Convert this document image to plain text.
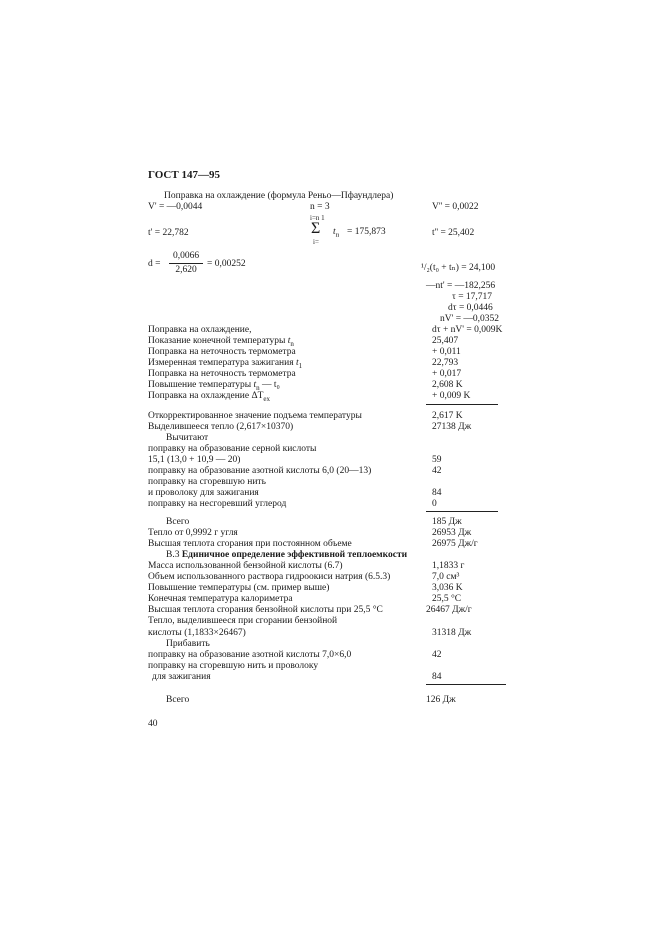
ГОСТ 147—95
Поправка на охлаждение (формула Реньо—Пфаундлера)
V' = —0,0044	n = 3	V'' = 0,0022
t' = 22,782
i=n 1
Σ
i=
$t_n = 175,873$	t'' = 25,402
d =
0,0066
2,620
= 0,00252	¹/₂(t₀ + tₙ) = 24,100
—nt' = —182,256
τ = 17,717
dτ = 0,0446
nV' = —0,0352
Поправка на охлаждение,	dτ + nV' = 0,009K
Показание конечной температуры $t_n$	25,407
Поправка на неточность термометра	+ 0,011
Измеренная температура зажигания $t_1$	22,793
Поправка на неточность термометра	+ 0,017
Повышение температуры $t_n$ — t₀	2,608 K
Поправка на охлаждение $\Delta T_{ex}$	+ 0,009 K
Откорректированное значение подъема температуры	2,617 K
Выделившееся тепло (2,617×10370)	27138 Дж
Вычитают
поправку на образование серной кислоты
15,1 (13,0 + 10,9 — 20)	59
поправку на образование азотной кислоты 6,0 (20—13)	42
поправку на сгоревшую нить
и проволоку для зажигания	84
поправку на несгоревший углерод	0
Всего	185 Дж
Тепло от 0,9992 г угля	26953 Дж
Высшая теплота сгорания при постоянном объеме	26975 Дж/г
В.3 Единичное определение эффективной теплоемкости
Масса использованной бензойной кислоты (6.7)	1,1833 г
Объем использованного раствора гидроокиси натрия (6.5.3)	7,0 см³
Повышение температуры (см. пример выше)	3,036 K
Конечная температура калориметра	25,5 °С
Высшая теплота сгорания бензойной кислоты при 25,5 °С	26467 Дж/г
Тепло, выделившееся при сгорании бензойной
кислоты (1,1833×26467)	31318 Дж
Прибавить
поправку на образование азотной кислоты 7,0×6,0	42
поправку на сгоревшую нить и проволоку
для зажигания	84
Всего	126 Дж
40
